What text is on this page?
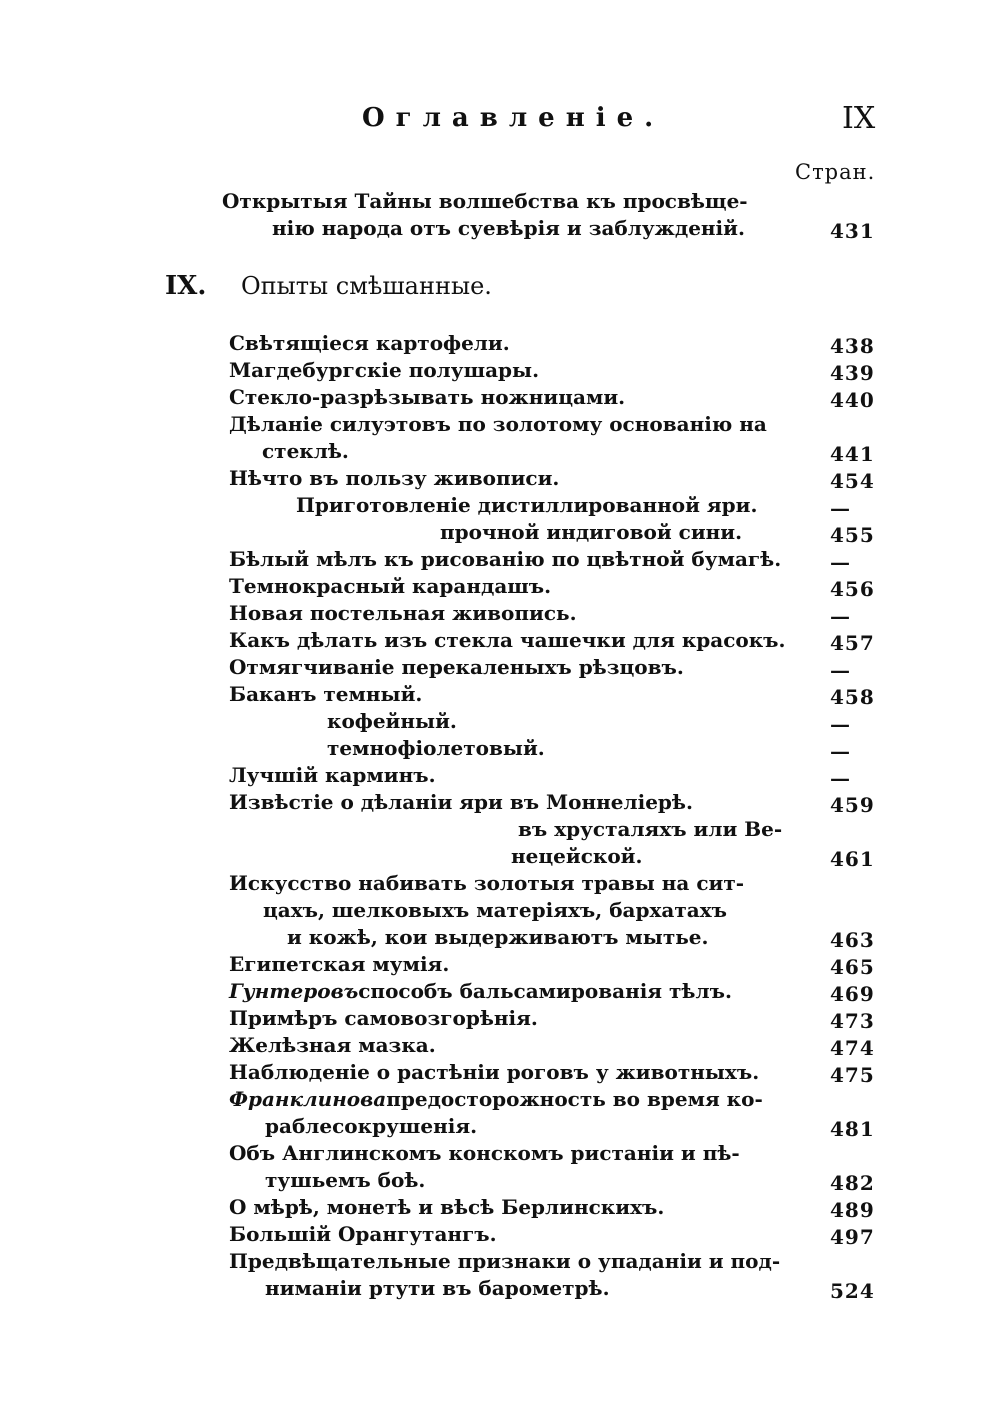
Оглавленіе.	IX
Стран.
Открытыя Тайны волшебства къ просвѣще-
нію народа отъ суевѣрія и заблужденій.	431
IX. Опыты смѣшанные.
Свѣтящіеся картофели.	438
Магдебургскіе полушары.	439
Стекло-разрѣзывать ножницами.	440
Дѣланіе силуэтовъ по золотому основанію на
стеклѣ.	441
Нѣчто въ пользу живописи.	454
Приготовленіе дистиллированной яри.	—
прочной индиговой сини.	455
Бѣлый мѣлъ къ рисованію по цвѣтной бумагѣ. —
Темнокрасный карандашъ.	456
Новая постельная живопись.	—
Какъ дѣлать изъ стекла чашечки для красокъ. 457
Отмягчиваніе перекаленыхъ рѣзцовъ.	—
Баканъ темный.	458
кофейный.	—
темнофіолетовый.	—
Лучшій карминъ.	—
Извѣстіе о дѣланіи яри въ Моннелiерѣ.	459
въ хрусталяхъ или Ве-
нецейской.	461
Искусство набивать золотыя травы на сит-
цахъ, шелковыхъ матеріяхъ, бархатахъ
и кожѣ, кои выдерживаютъ мытье.	463
Египетская мумія.	465
Гунтеровъспособъ бальсамированія тѣлъ.	469
Примѣръ самовозгорѣнія.	473
Желѣзная мазка.	474
Наблюденіе о растѣніи роговъ у животныхъ.	475
Франклиновапредосторожность во время ко-
раблесокрушенія.	481
Объ Англинскомъ конскомъ ристаніи и пѣ-
тушьемъ боѣ.	482
О мѣрѣ, монетѣ и вѣсѣ Берлинскихъ.	489
Большій Орангутангъ.	497
Предвѣщательные признаки о упаданіи и под-
ниманіи ртути въ барометрѣ.	524
